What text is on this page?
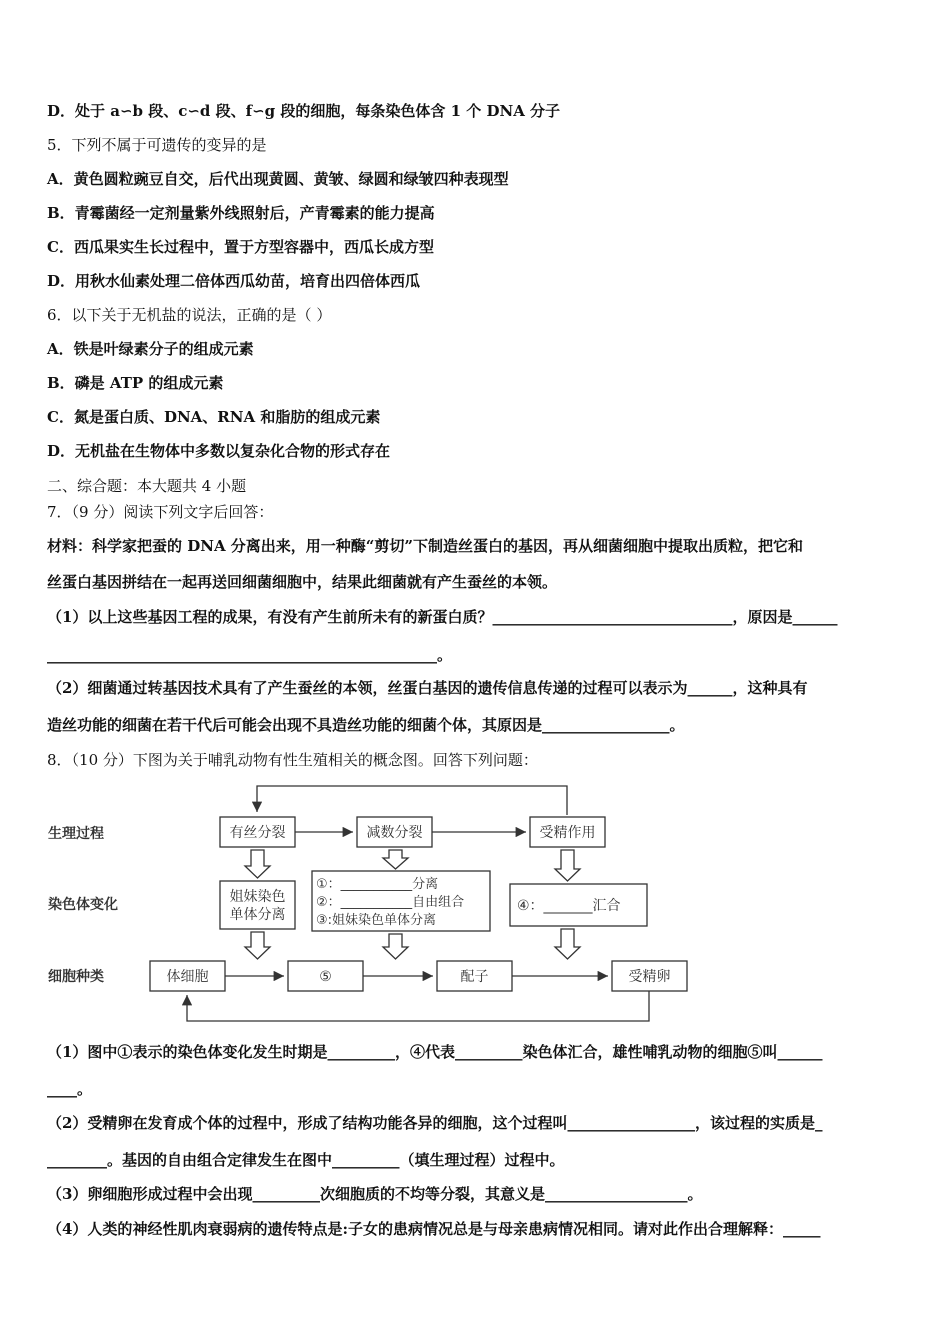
D．处于 a∽b 段、c∽d 段、f∽g 段的细胞，每条染色体含 1 个 DNA 分子
5．下列不属于可遗传的变异的是
A．黄色圆粒豌豆自交，后代出现黄圆、黄皱、绿圆和绿皱四种表现型
B．青霉菌经一定剂量紫外线照射后，产青霉素的能力提高
C．西瓜果实生长过程中，置于方型容器中，西瓜长成方型
D．用秋水仙素处理二倍体西瓜幼苗，培育出四倍体西瓜
6．以下关于无机盐的说法，正确的是（ ）
A．铁是叶绿素分子的组成元素
B．磷是 ATP 的组成元素
C．氮是蛋白质、DNA、RNA 和脂肪的组成元素
D．无机盐在生物体中多数以复杂化合物的形式存在
二、综合题：本大题共 4 小题
7．（9 分）阅读下列文字后回答：
材料：科学家把蚕的 DNA 分离出来，用一种酶“剪切”下制造丝蛋白的基因，再从细菌细胞中提取出质粒，把它和
丝蛋白基因拼结在一起再送回细菌细胞中，结果此细菌就有产生蚕丝的本领。
（1）以上这些基因工程的成果，有没有产生前所未有的新蛋白质？________________________________，原因是______
____________________________________________________。
（2）细菌通过转基因技术具有了产生蚕丝的本领，丝蛋白基因的遗传信息传递的过程可以表示为______，这种具有
造丝功能的细菌在若干代后可能会出现不具造丝功能的细菌个体，其原因是_________________。
8．（10 分）下图为关于哺乳动物有性生殖相关的概念图。回答下列问题：
生理过程
染色体变化
细胞种类
有丝分裂	减数分裂	受精作用
姐妹染色
单体分离
①：___________分离
②：___________自由组合
③:姐妹染色单体分离
④：_______汇合
体细胞	⑤	配子	受精卵
（1）图中①表示的染色体变化发生时期是_________，④代表_________染色体汇合，雄性哺乳动物的细胞⑤叫______
____。
（2）受精卵在发育成个体的过程中，形成了结构功能各异的细胞，这个过程叫_________________，该过程的实质是_
________。基因的自由组合定律发生在图中_________（填生理过程）过程中。
（3）卵细胞形成过程中会出现_________次细胞质的不均等分裂，其意义是___________________。
（4）人类的神经性肌肉衰弱病的遗传特点是:子女的患病情况总是与母亲患病情况相同。请对此作出合理解释：_____
